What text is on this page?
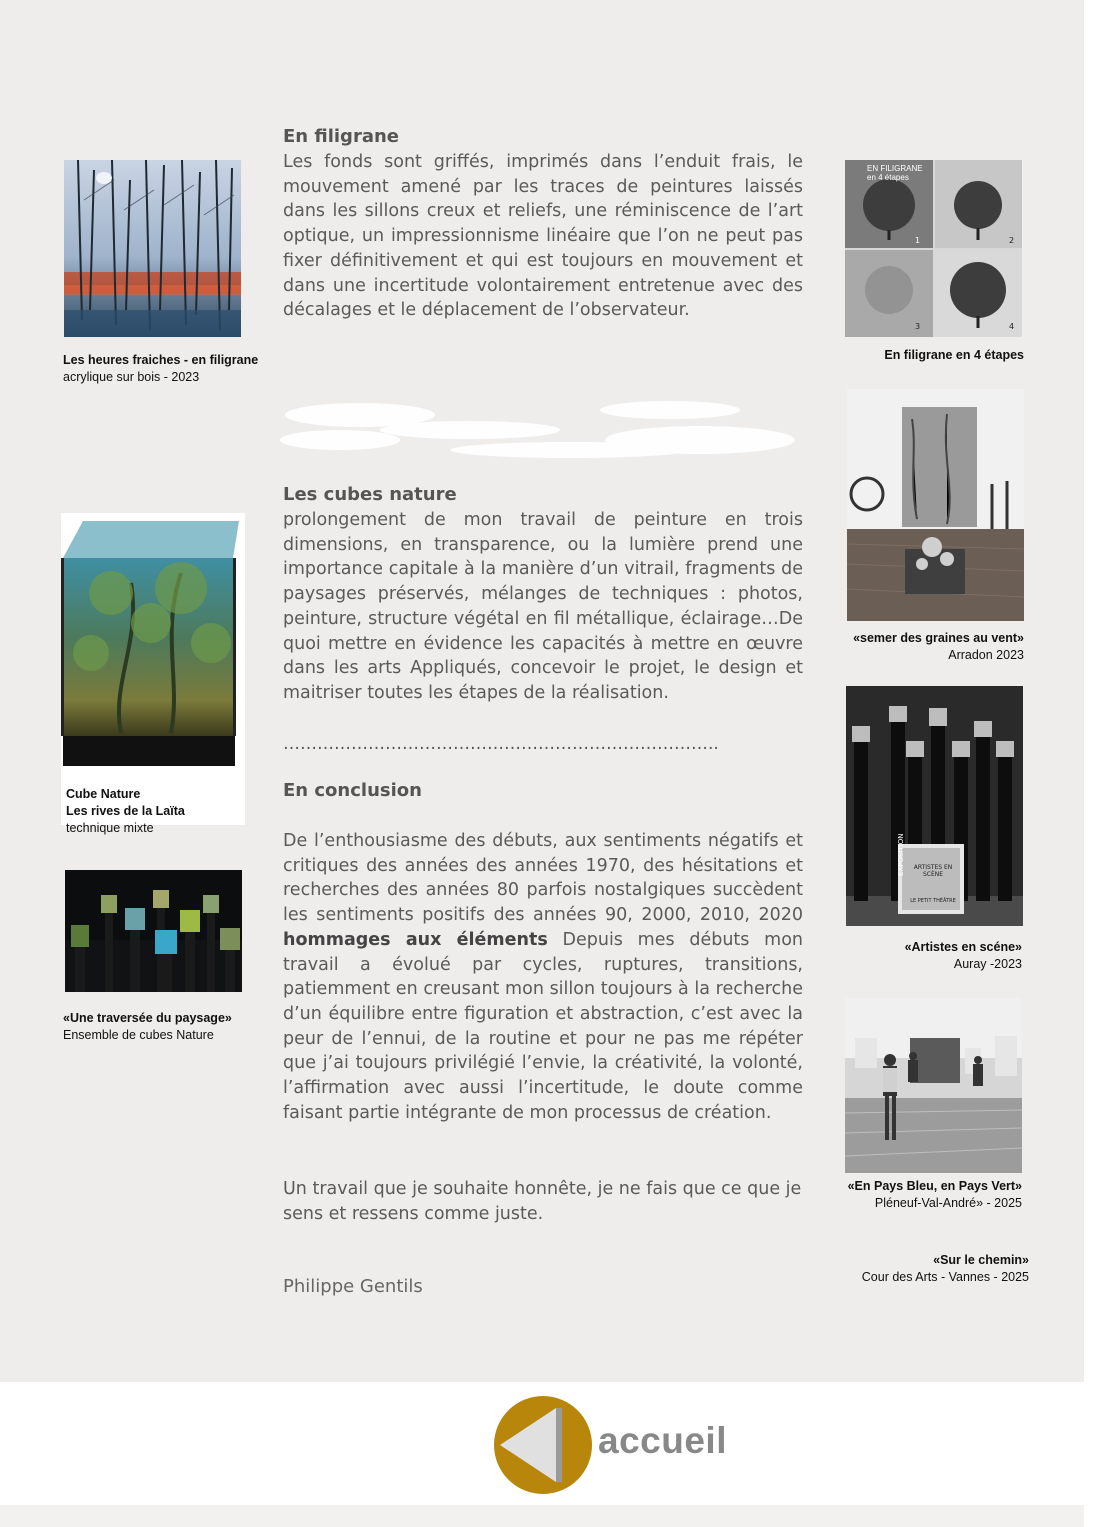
Les heures fraiches - en filigrane
acrylique sur bois - 2023
Cube Nature
Les rives de la Laïta
technique mixte
«Une traversée du paysage»
Ensemble de cubes Nature
En filigrane

Les fonds sont griffés, imprimés dans l’enduit frais, le mouvement amené par les traces de peintures laissés dans les sillons creux et reliefs, une réminiscence de l’art optique, un impressionnisme linéaire que l’on ne peut pas fixer définitivement et qui est toujours en mouvement et dans une incertitude volontairement entretenue avec des décalages et le déplacement de l’observateur.

Les cubes nature

prolongement de mon travail de peinture en trois dimensions, en transparence, ou la lumière prend une importance capitale à la manière d’un vitrail, fragments de paysages préservés, mélanges de techniques : photos, peinture, structure végétal en fil métallique, éclairage…De quoi mettre en évidence les capacités à mettre en œuvre dans les arts Appliqués, concevoir le projet, le design et maitriser toutes les étapes de la réalisation.

…………………………………………………………………..
En conclusion

De l’enthousiasme des débuts, aux sentiments négatifs et critiques des années des années 1970, des hésitations et recherches des années 80 parfois nostalgiques succèdent les sentiments positifs des années 90, 2000, 2010, 2020 hommages aux éléments Depuis mes débuts mon travail a évolué par cycles, ruptures, transitions, patiemment en creusant mon sillon toujours à la recherche d’un équilibre entre figuration et abstraction, c’est avec la peur de l’ennui, de la routine et pour ne pas me répéter que j’ai toujours privilégié l’envie, la créativité, la volonté, l’affirmation avec aussi l’incertitude, le doute comme faisant partie intégrante de mon processus de création.

Un travail que je souhaite honnête, je ne fais que ce que je sens et ressens comme juste.

Philippe Gentils
EN FILIGRANE
en 4 étapes
1	2
3	4
En filigrane en 4 étapes
«semer des graines au vent»
Arradon 2023
EXPOSITION	ARTISTES EN SCÈNE
LE PETIT THÉÂTRE
«Artistes en scéne»
Auray -2023
«En Pays Bleu, en Pays Vert»
Pléneuf-Val-André» - 2025
«Sur le chemin»
Cour des Arts - Vannes - 2025
accueil
